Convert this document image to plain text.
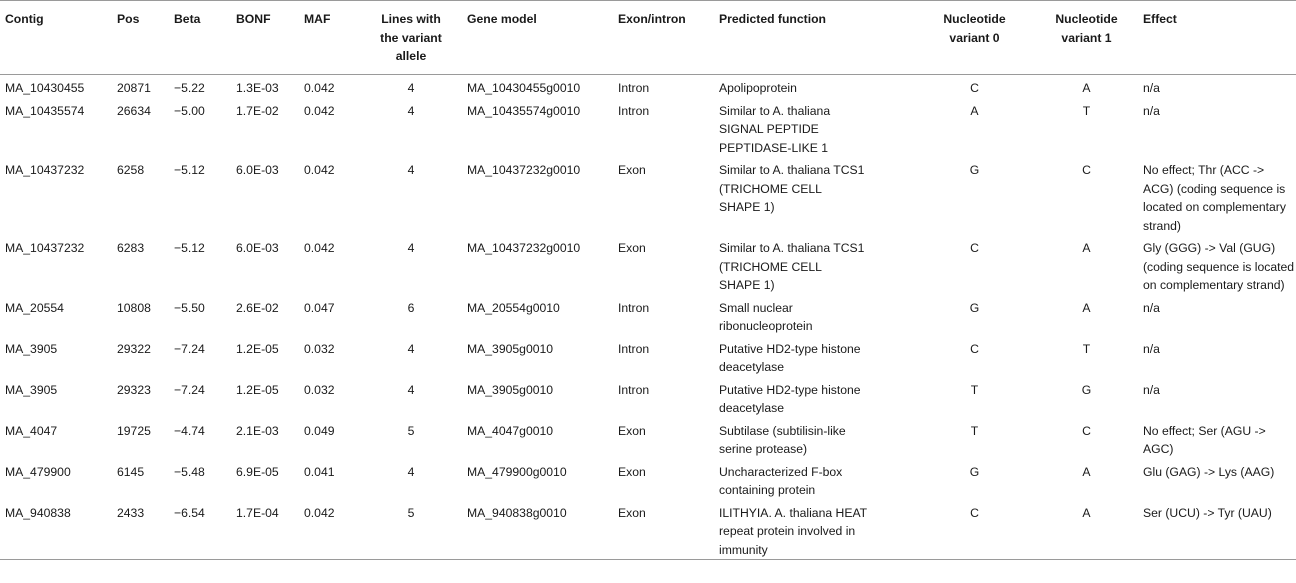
Contig	Pos	Beta	BONF	MAF	Lines with
the variant
allele	Gene model	Exon/intron	Predicted function	Nucleotide
variant 0	Nucleotide
variant 1	Effect
MA_10430455	20871	−5.22	1.3E-03	0.042	4	MA_10430455g0010	Intron	Apolipoprotein	C	A	n/a
MA_10435574	26634	−5.00	1.7E-02	0.042	4	MA_10435574g0010	Intron	Similar to A. thaliana
SIGNAL PEPTIDE
PEPTIDASE-LIKE 1	A	T	n/a
MA_10437232	6258	−5.12	6.0E-03	0.042	4	MA_10437232g0010	Exon	Similar to A. thaliana TCS1
(TRICHOME CELL
SHAPE 1)	G	C	No effect; Thr (ACC ->
ACG) (coding sequence is
located on complementary
strand)
MA_10437232	6283	−5.12	6.0E-03	0.042	4	MA_10437232g0010	Exon	Similar to A. thaliana TCS1
(TRICHOME CELL
SHAPE 1)	C	A	Gly (GGG) -> Val (GUG)
(coding sequence is located
on complementary strand)
MA_20554	10808	−5.50	2.6E-02	0.047	6	MA_20554g0010	Intron	Small nuclear
ribonucleoprotein	G	A	n/a
MA_3905	29322	−7.24	1.2E-05	0.032	4	MA_3905g0010	Intron	Putative HD2-type histone
deacetylase	C	T	n/a
MA_3905	29323	−7.24	1.2E-05	0.032	4	MA_3905g0010	Intron	Putative HD2-type histone
deacetylase	T	G	n/a
MA_4047	19725	−4.74	2.1E-03	0.049	5	MA_4047g0010	Exon	Subtilase (subtilisin-like
serine protease)	T	C	No effect; Ser (AGU ->
AGC)
MA_479900	6145	−5.48	6.9E-05	0.041	4	MA_479900g0010	Exon	Uncharacterized F-box
containing protein	G	A	Glu (GAG) -> Lys (AAG)
MA_940838	2433	−6.54	1.7E-04	0.042	5	MA_940838g0010	Exon	ILITHYIA. A. thaliana HEAT
repeat protein involved in
immunity	C	A	Ser (UCU) -> Tyr (UAU)
